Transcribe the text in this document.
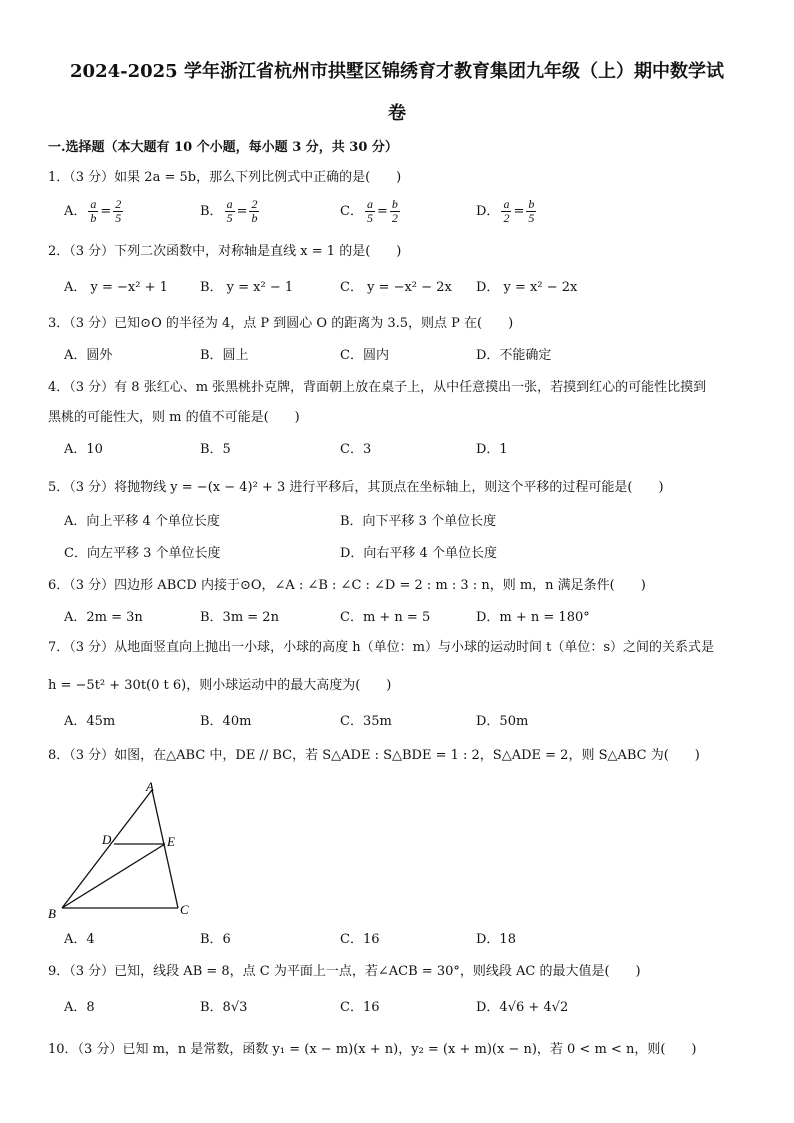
2024-2025 学年浙江省杭州市拱墅区锦绣育才教育集团九年级（上）期中数学试
卷
一.选择题（本大题有 10 个小题，每小题 3 分，共 30 分）
1．（3 分）如果 2a = 5b，那么下列比例式中正确的是(　　)
A． $\frac{a}{b} = \frac{2}{5}$	B． $\frac{a}{5} = \frac{2}{b}$	C． $\frac{a}{5} = \frac{b}{2}$	D． $\frac{a}{2} = \frac{b}{5}$
2．（3 分）下列二次函数中，对称轴是直线 x = 1 的是(　　)
A． y = −x² + 1 B． y = x² − 1	C． y = −x² − 2x D． y = x² − 2x
3．（3 分）已知⊙O 的半径为 4，点 P 到圆心 O 的距离为 3.5，则点 P 在(　　)
A．圆外	B．圆上	C．圆内	D．不能确定
4．（3 分）有 8 张红心、m 张黑桃扑克牌，背面朝上放在桌子上，从中任意摸出一张，若摸到红心的可能性比摸到
黑桃的可能性大，则 m 的值不可能是(　　)
A．10	B．5	C．3	D．1
5．（3 分）将抛物线 y = −(x − 4)² + 3 进行平移后，其顶点在坐标轴上，则这个平移的过程可能是(　　)
A．向上平移 4 个单位长度	B．向下平移 3 个单位长度
C．向左平移 3 个单位长度	D．向右平移 4 个单位长度
6．（3 分）四边形 ABCD 内接于⊙O，∠A : ∠B : ∠C : ∠D = 2 : m : 3 : n，则 m，n 满足条件(　　)
A．2m = 3n	B．3m = 2n	C．m + n = 5	D．m + n = 180°
7．（3 分）从地面竖直向上抛出一小球，小球的高度 h（单位：m）与小球的运动时间 t（单位：s）之间的关系式是
h = −5t² + 30t(0 t 6)，则小球运动中的最大高度为(　　)
A．45m	B．40m	C．35m	D．50m
8．（3 分）如图，在△ABC 中，DE // BC，若 S△ADE : S△BDE = 1 : 2，S△ADE = 2，则 S△ABC 为(　　)
A
D	E
B	C
A．4	B．6	C．16	D．18
9．（3 分）已知，线段 AB = 8，点 C 为平面上一点，若∠ACB = 30°，则线段 AC 的最大值是(　　)
A．8	B．8√3	C．16	D．4√6 + 4√2
10．（3 分）已知 m，n 是常数，函数 y₁ = (x − m)(x + n)，y₂ = (x + m)(x − n)，若 0 < m < n，则(　　)
